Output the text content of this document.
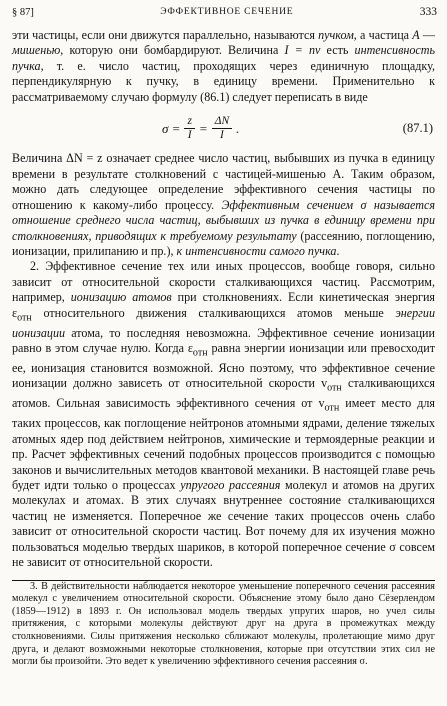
§ 87]	ЭФФЕКТИВНОЕ СЕЧЕНИЕ	333

эти частицы, если они движутся параллельно, называются пучком, а частица A — мишенью, которую они бомбардируют. Величина I = nv есть интенсивность пучка, т. е. число частиц, проходящих через единичную площадку, перпендикулярную к пучку, в единицу времени. Применительно к рассматриваемому случаю формулу (86.1) следует переписать в виде

$\sigma = \frac{z}{I} = \frac{\Delta N}{I}$ .	(87.1)

Величина ΔN = z означает среднее число частиц, выбывших из пучка в единицу времени в результате столкновений с частицей-мишенью A. Таким образом, можно дать следующее определение эффективного сечения частицы по отношению к какому-либо процессу. Эффективным сечением σ называется отношение среднего числа частиц, выбывших из пучка в единицу времени при столкновениях, приводящих к требуемому результату (рассеянию, поглощению, ионизации, прилипанию и пр.), к интенсивности самого пучка.

2. Эффективное сечение тех или иных процессов, вообще говоря, сильно зависит от относительной скорости сталкивающихся частиц. Рассмотрим, например, ионизацию атомов при столкновениях. Если кинетическая энергия $\varepsilon_{отн}$ относительного движения сталкивающихся атомов меньше энергии ионизации атома, то последняя невозможна. Эффективное сечение ионизации равно в этом случае нулю. Когда $\varepsilon_{отн}$ равна энергии ионизации или превосходит ее, ионизация становится возможной. Ясно поэтому, что эффективное сечение ионизации должно зависеть от относительной скорости $v_{отн}$ сталкивающихся атомов. Сильная зависимость эффективного сечения от $v_{отн}$ имеет место для таких процессов, как поглощение нейтронов атомными ядрами, деление тяжелых атомных ядер под действием нейтронов, химические и термоядерные реакции и пр. Расчет эффективных сечений подобных процессов производится с помощью законов и вычислительных методов квантовой механики. В настоящей главе речь будет идти только о процессах упругого рассеяния молекул и атомов на других молекулах и атомах. В этих случаях внутреннее состояние сталкивающихся частиц не изменяется. Поперечное же сечение таких процессов очень слабо зависит от относительной скорости частиц. Вот почему для их изучения можно пользоваться моделью твердых шариков, в которой поперечное сечение σ совсем не зависит от относительной скорости.

3. В действительности наблюдается некоторое уменьшение поперечного сечения рассеяния молекул с увеличением относительной скорости. Объяснение этому было дано Сёзерлендом (1859—1912) в 1893 г. Он использовал модель твердых упругих шаров, но учел силы притяжения, с которыми молекулы действуют друг на друга в промежутках между столкновениями. Силы притяжения несколько сближают молекулы, пролетающие мимо друг друга, и делают возможными некоторые столкновения, которые при отсутствии этих сил не могли бы произойти. Это ведет к увеличению эффективного сечения рассеяния σ.
